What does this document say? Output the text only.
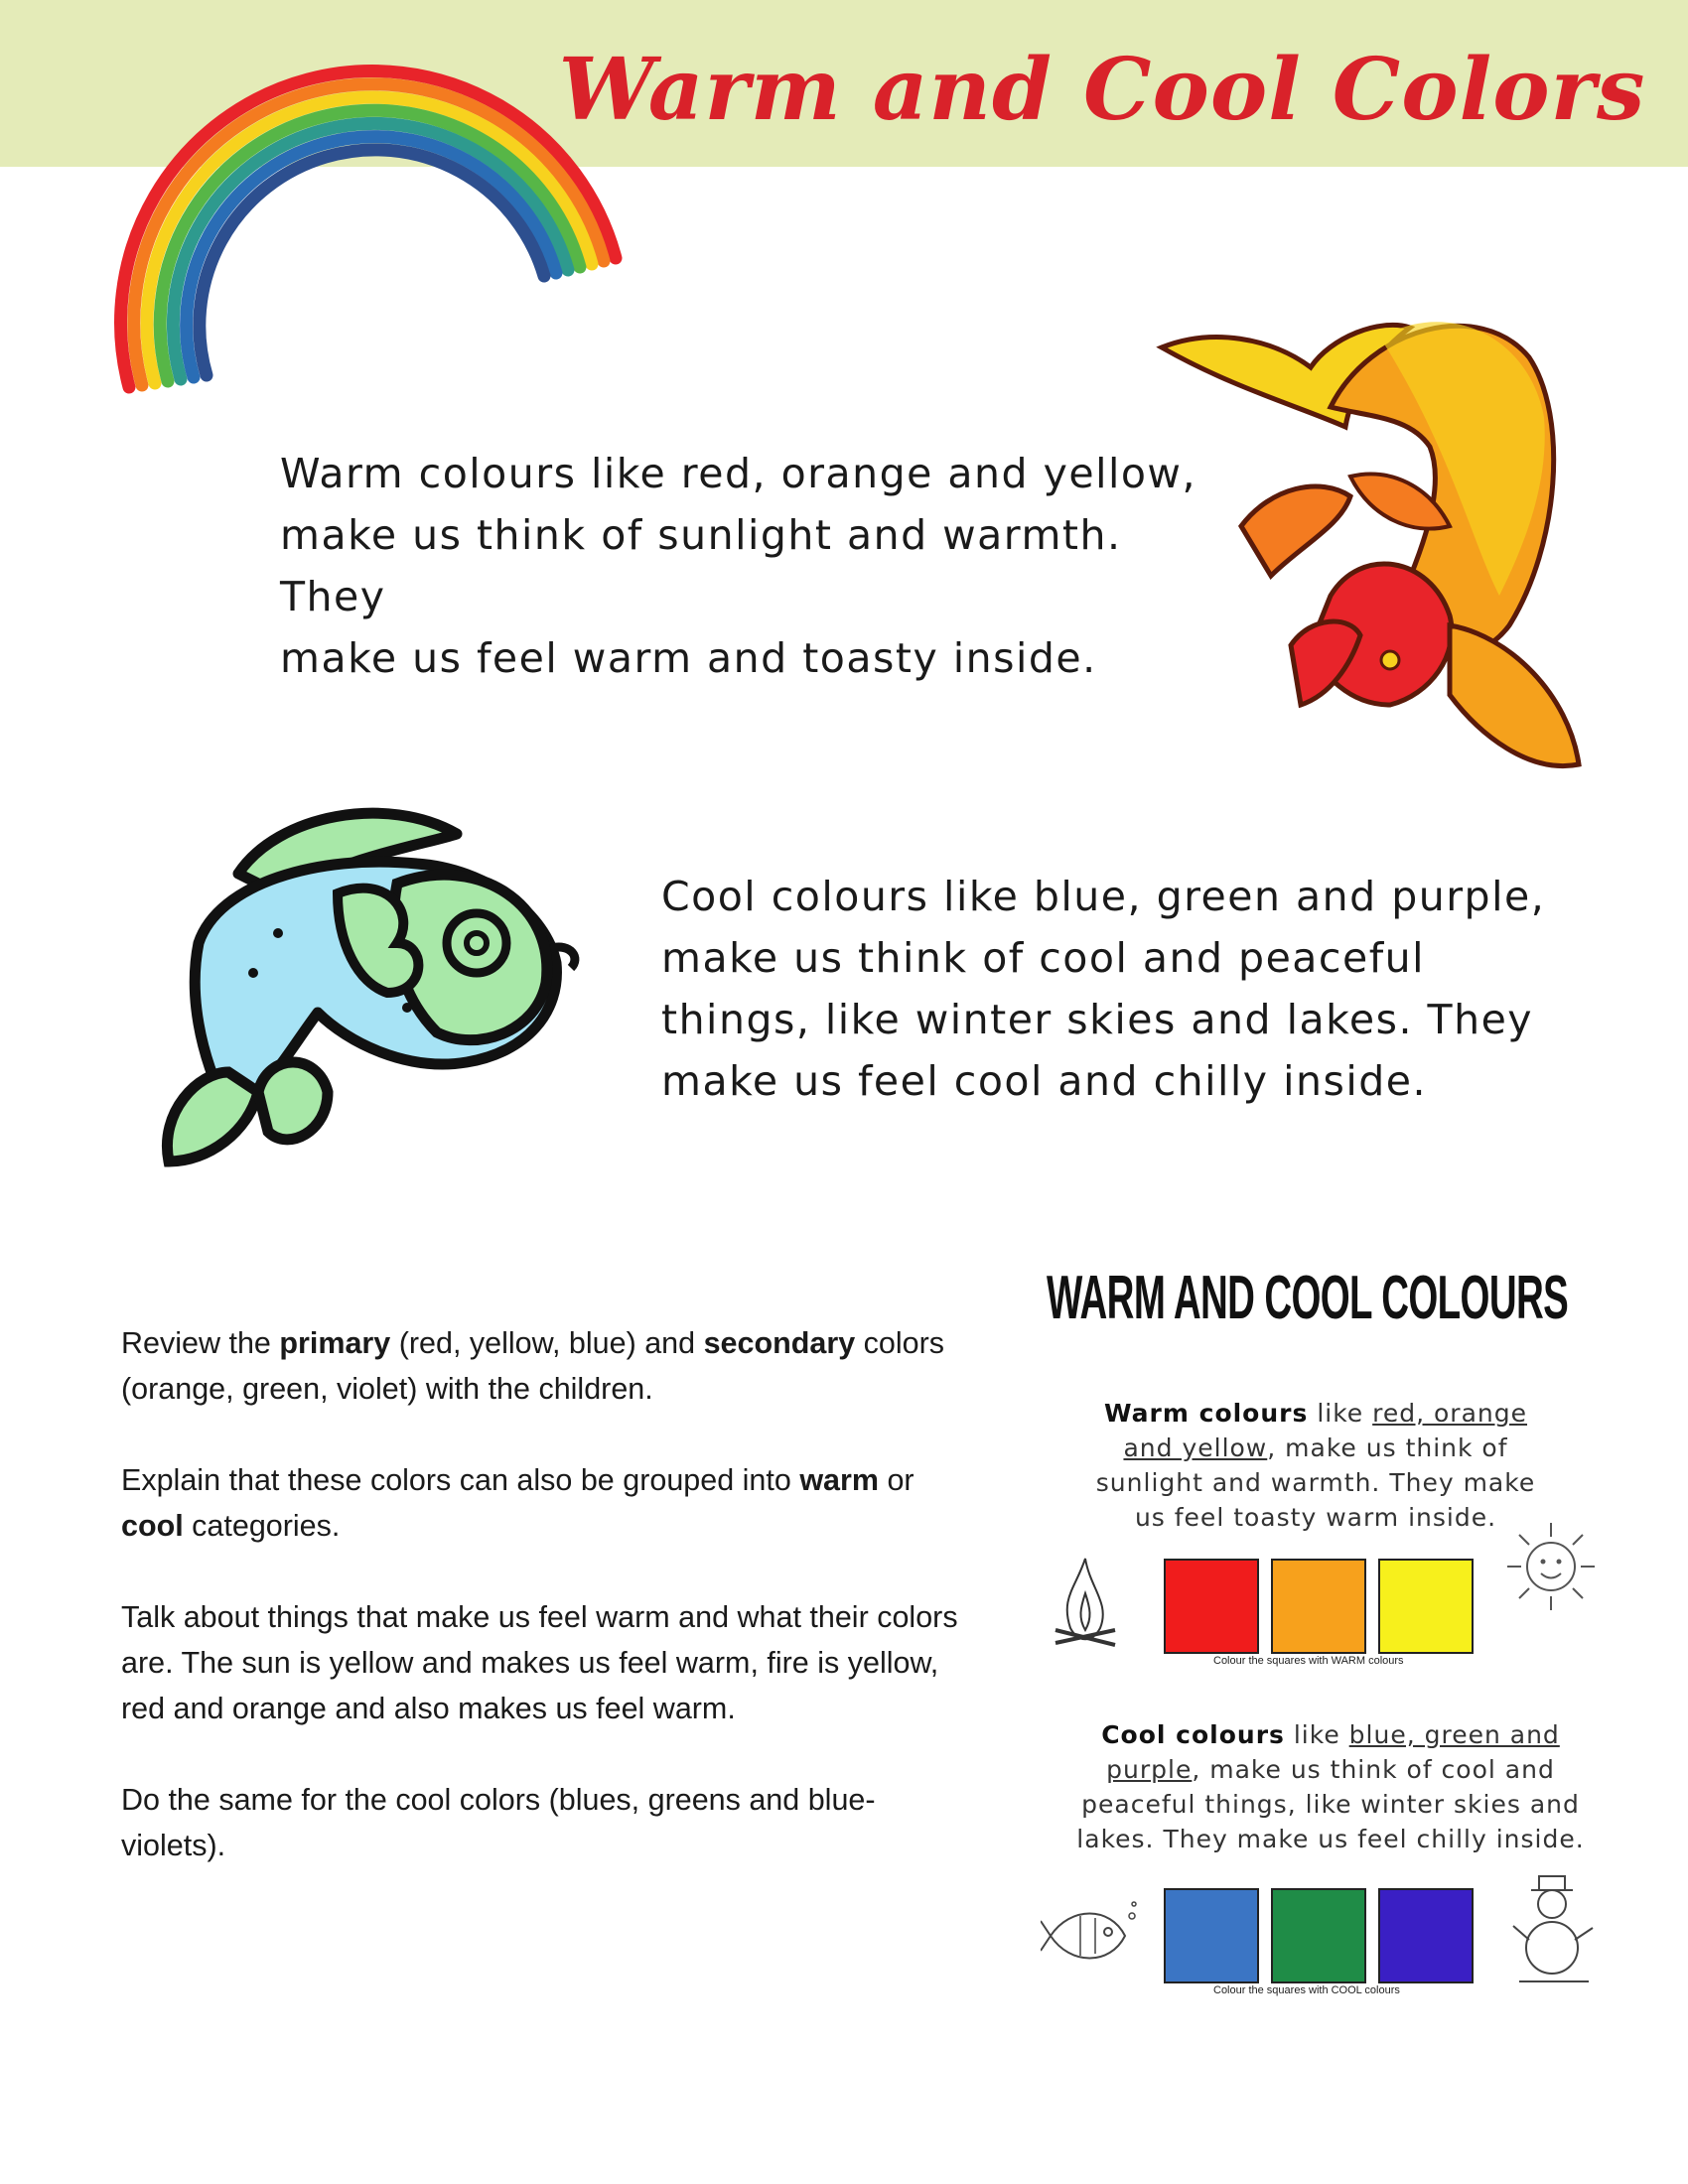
Warm and Cool Colors
Warm colours like red, orange and yellow,
make us think of sunlight and warmth. They
make us feel warm and toasty inside.
Cool colours like blue, green and purple,
make us think of cool and peaceful
things, like winter skies and lakes. They
make us feel cool and chilly inside.

Review the primary (red, yellow, blue) and secondary colors (orange, green, violet) with the children.

Explain that these colors can also be grouped into warm or cool categories.

Talk about things that make us feel warm and what their colors are. The sun is yellow and makes us feel warm, fire is yellow, red and orange and also makes us feel warm.

Do the same for the cool colors (blues, greens and blue-violets).

WARM AND COOL COLOURS
Warm colours like red, orange and yellow, make us think of sunlight and warmth. They make us feel toasty warm inside.
Colour the squares with WARM colours
Cool colours like blue, green and purple, make us think of cool and peaceful things, like winter skies and lakes. They make us feel chilly inside.
Colour the squares with COOL colours
